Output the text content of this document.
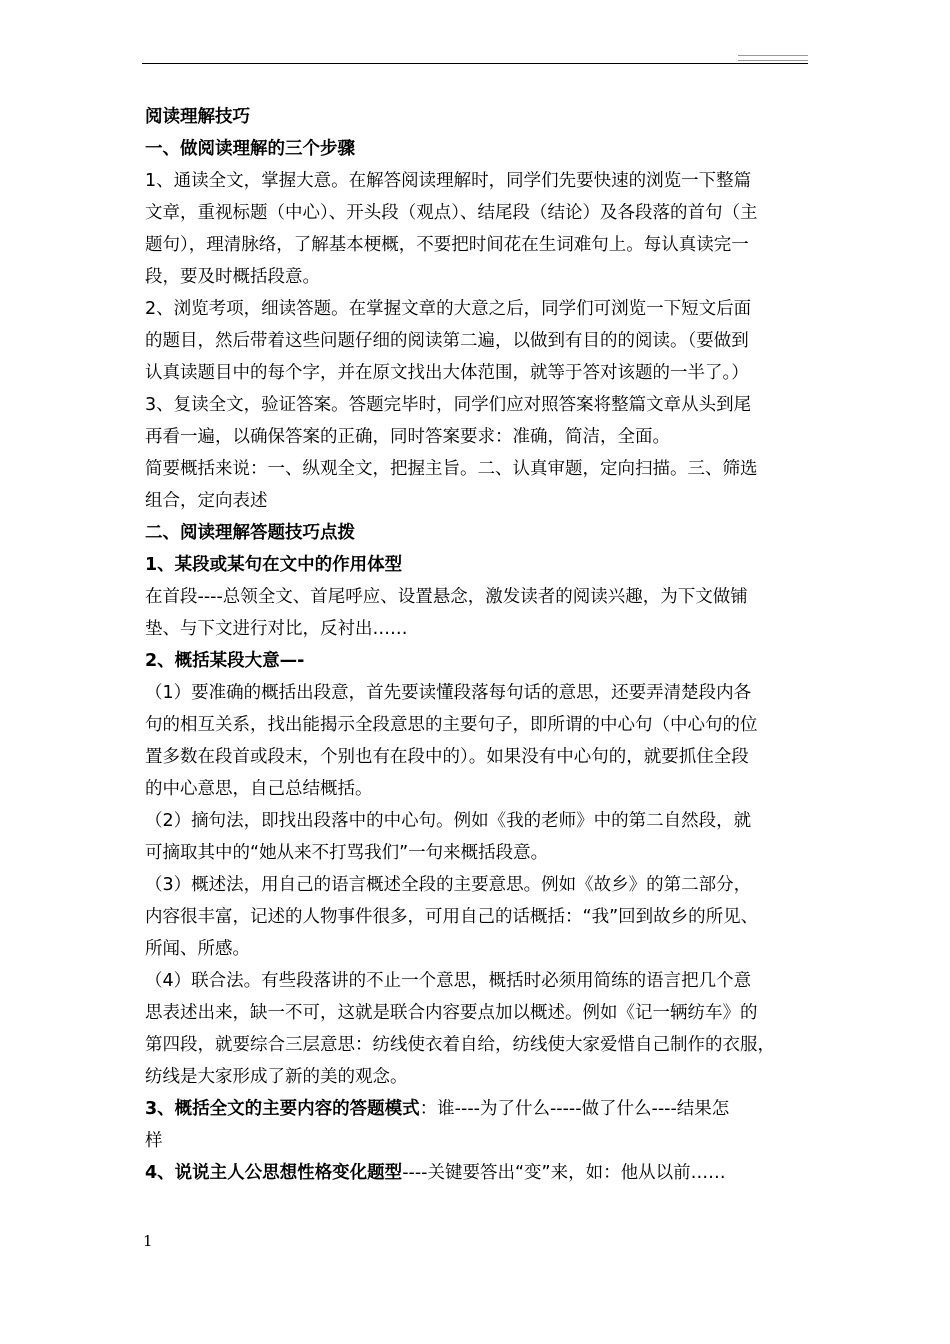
阅读理解技巧
一、做阅读理解的三个步骤
1、通读全文，掌握大意。在解答阅读理解时，同学们先要快速的浏览一下整篇
文章，重视标题（中心）、开头段（观点）、结尾段（结论）及各段落的首句（主
题句），理清脉络，了解基本梗概，不要把时间花在生词难句上。每认真读完一
段，要及时概括段意。
2、浏览考项，细读答题。在掌握文章的大意之后，同学们可浏览一下短文后面
的题目，然后带着这些问题仔细的阅读第二遍，以做到有目的的阅读。（要做到
认真读题目中的每个字，并在原文找出大体范围，就等于答对该题的一半了。）
3、复读全文，验证答案。答题完毕时，同学们应对照答案将整篇文章从头到尾
再看一遍，以确保答案的正确，同时答案要求：准确，简洁，全面。
简要概括来说：一、纵观全文，把握主旨。二、认真审题，定向扫描。三、筛选
组合，定向表述
二、阅读理解答题技巧点拨
1、某段或某句在文中的作用体型
在首段----总领全文、首尾呼应、设置悬念，激发读者的阅读兴趣，为下文做铺
垫、与下文进行对比，反衬出……
2、概括某段大意—-
（1）要准确的概括出段意，首先要读懂段落每句话的意思，还要弄清楚段内各
句的相互关系，找出能揭示全段意思的主要句子，即所谓的中心句（中心句的位
置多数在段首或段末，个别也有在段中的）。如果没有中心句的，就要抓住全段
的中心意思，自己总结概括。
（2）摘句法，即找出段落中的中心句。例如《我的老师》中的第二自然段，就
可摘取其中的“她从来不打骂我们”一句来概括段意。
（3）概述法，用自己的语言概述全段的主要意思。例如《故乡》的第二部分，
内容很丰富，记述的人物事件很多，可用自己的话概括：“我”回到故乡的所见、
所闻、所感。
（4）联合法。有些段落讲的不止一个意思，概括时必须用简练的语言把几个意
思表述出来，缺一不可，这就是联合内容要点加以概述。例如《记一辆纺车》的
第四段，就要综合三层意思：纺线使衣着自给，纺线使大家爱惜自己制作的衣服，
纺线是大家形成了新的美的观念。
3、概括全文的主要内容的答题模式：谁----为了什么-----做了什么----结果怎
样
4、说说主人公思想性格变化题型----关键要答出“变”来，如：他从以前……
1
